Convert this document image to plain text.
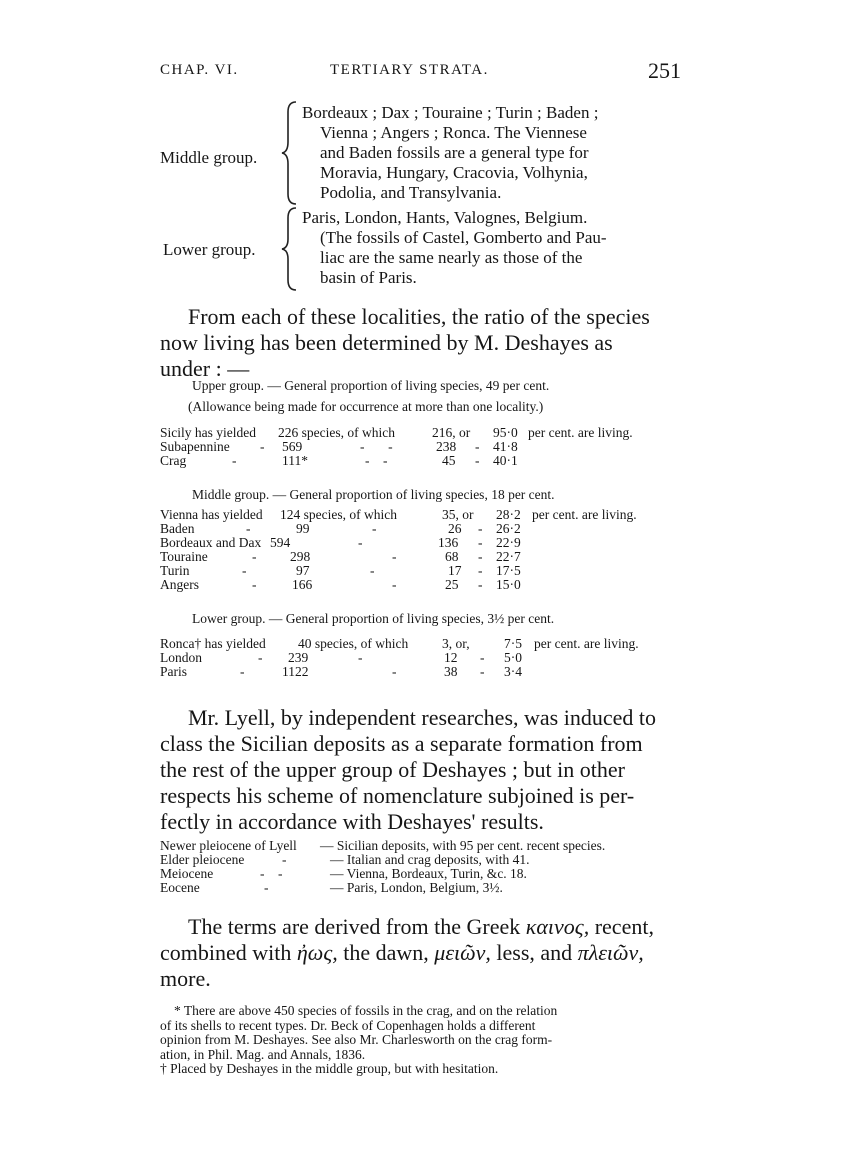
CHAP. VI.	TERTIARY STRATA.	251
Middle group.
Bordeaux ; Dax ; Touraine ; Turin ; Baden ;
Vienna ; Angers ; Ronca. The Viennese
and Baden fossils are a general type for
Moravia, Hungary, Cracovia, Volhynia,
Podolia, and Transylvania.
Lower group.
Paris, London, Hants, Valognes, Belgium.
(The fossils of Castel, Gomberto and Pau-
liac are the same nearly as those of the
basin of Paris.
From each of these localities, the ratio of the species
now living has been determined by M. Deshayes as
under : —
Upper group. — General proportion of living species, 49 per cent.
(Allowance being made for occurrence at more than one locality.)
Sicily has yielded 226 species, of which	216, or 95·0 per cent. are living.
Subapennine - 569	-       -	238 - 41·8
Crag	-	111*	-    -	45 - 40·1
Middle group. — General proportion of living species, 18 per cent.
Vienna has yielded 124 species, of which	35, or 28·2 per cent. are living.
Baden	-	99	-	26 - 26·2
Bordeaux and Dax 594	-	136 - 22·9
Touraine	- 298	-	68 - 22·7
Turin	-	97	-	17 - 17·5
Angers	-	166	-	25 - 15·0
Lower group. — General proportion of living species, 3½ per cent.
Ronca† has yielded 40 species, of which	3, or,	7·5 per cent. are living.
London	- 239	-	12 - 5·0
Paris	-	1122	-	38 - 3·4
Mr. Lyell, by independent researches, was induced to
class the Sicilian deposits as a separate formation from
the rest of the upper group of Deshayes ; but in other
respects his scheme of nomenclature subjoined is per-
fectly in accordance with Deshayes' results.
Newer pleiocene of Lyell — Sicilian deposits, with 95 per cent. recent species.
Elder pleiocene	-	— Italian and crag deposits, with 41.
Meiocene	-    -	— Vienna, Bordeaux, Turin, &c. 18.
Eocene	-	— Paris, London, Belgium, 3½.
The terms are derived from the Greek καινος, recent,
combined with ἠως, the dawn, μειῶν, less, and πλειῶν,
more.
* There are above 450 species of fossils in the crag, and on the relation
of its shells to recent types. Dr. Beck of Copenhagen holds a different
opinion from M. Deshayes. See also Mr. Charlesworth on the crag form-
ation, in Phil. Mag. and Annals, 1836.
† Placed by Deshayes in the middle group, but with hesitation.
